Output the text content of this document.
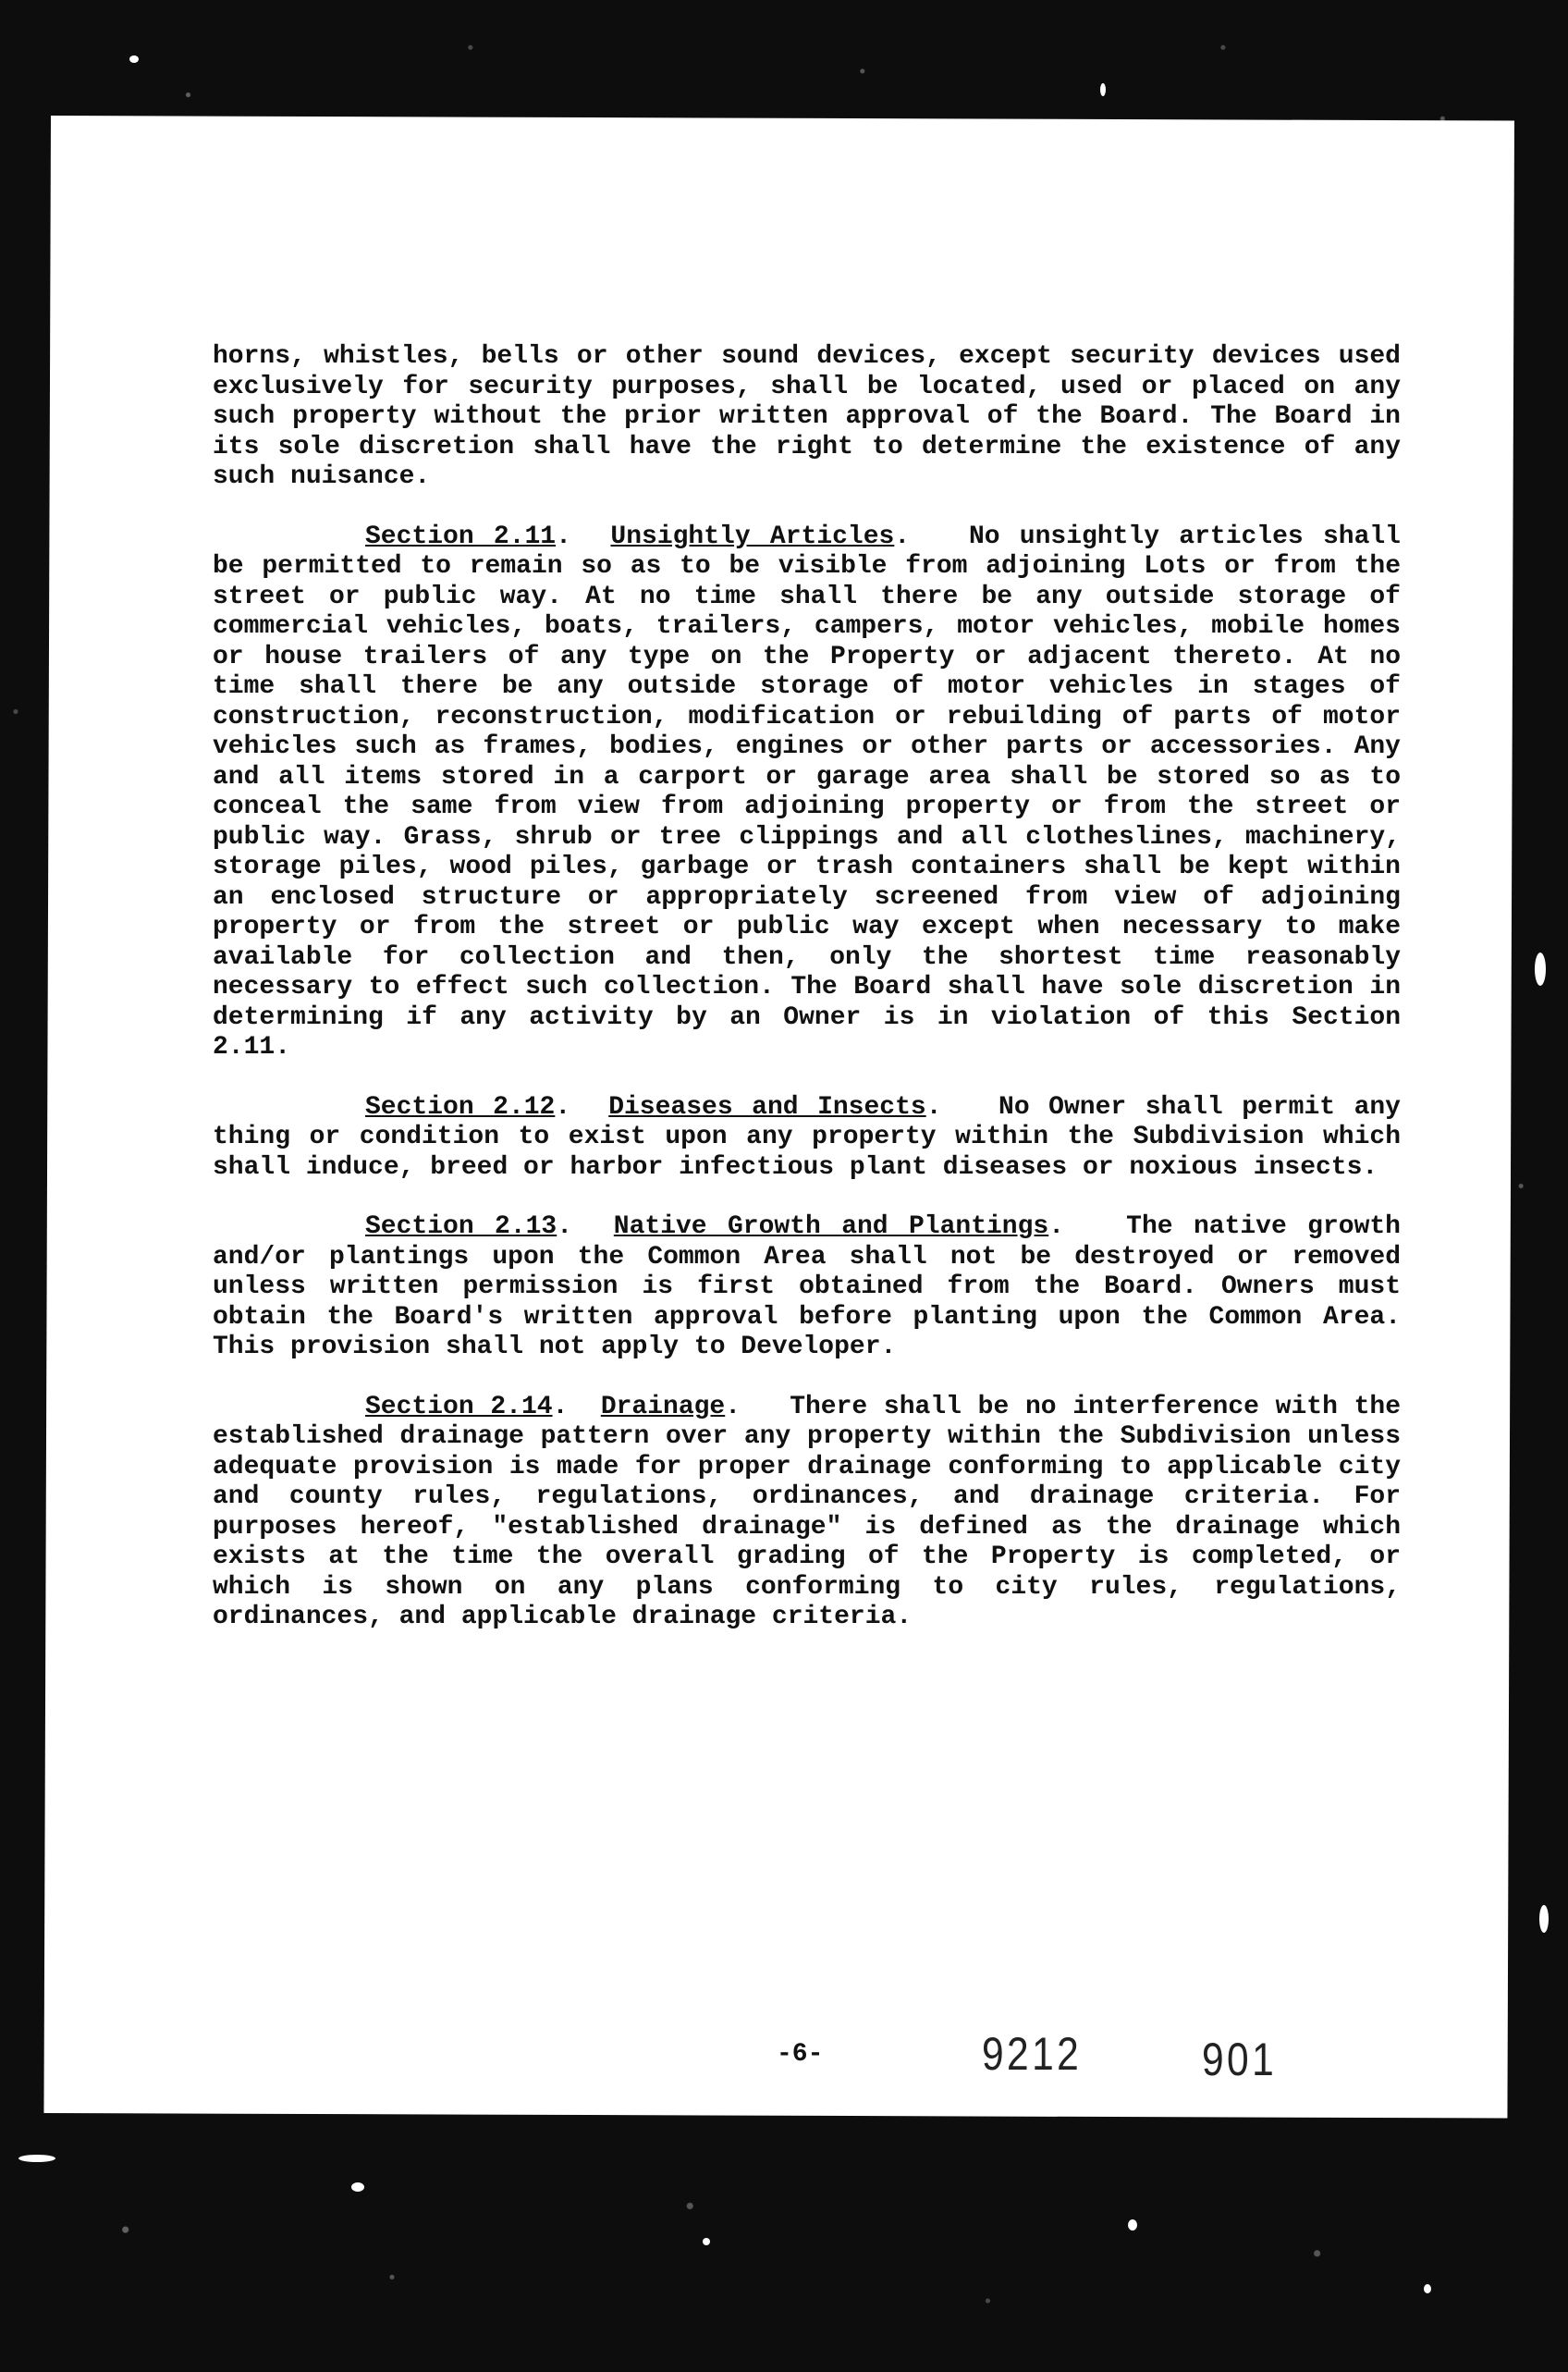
horns, whistles, bells or other sound devices, except security devices used exclusively for security purposes, shall be located, used or placed on any such property without the prior written approval of the Board. The Board in its sole discretion shall have the right to determine the existence of any such nuisance.

Section 2.11.  Unsightly Articles.   No unsightly articles shall be permitted to remain so as to be visible from adjoining Lots or from the street or public way. At no time shall there be any outside storage of commercial vehicles, boats, trailers, campers, motor vehicles, mobile homes or house trailers of any type on the Property or adjacent thereto. At no time shall there be any outside storage of motor vehicles in stages of construction, reconstruction, modification or rebuilding of parts of motor vehicles such as frames, bodies, engines or other parts or accessories. Any and all items stored in a carport or garage area shall be stored so as to conceal the same from view from adjoining property or from the street or public way. Grass, shrub or tree clippings and all clotheslines, machinery, storage piles, wood piles, garbage or trash containers shall be kept within an enclosed structure or appropriately screened from view of adjoining property or from the street or public way except when necessary to make available for collection and then, only the shortest time reasonably necessary to effect such collection. The Board shall have sole discretion in determining if any activity by an Owner is in violation of this Section 2.11.

Section 2.12.  Diseases and Insects.   No Owner shall permit any thing or condition to exist upon any property within the Subdivision which shall induce, breed or harbor infectious plant diseases or noxious insects.

Section 2.13.  Native Growth and Plantings.   The native growth and/or plantings upon the Common Area shall not be destroyed or removed unless written permission is first obtained from the Board. Owners must obtain the Board's written approval before planting upon the Common Area. This provision shall not apply to Developer.

Section 2.14.  Drainage.   There shall be no interference with the established drainage pattern over any property within the Subdivision unless adequate provision is made for proper drainage conforming to applicable city and county rules, regulations, ordinances, and drainage criteria. For purposes hereof, "established drainage" is defined as the drainage which exists at the time the overall grading of the Property is completed, or which is shown on any plans conforming to city rules, regulations, ordinances, and applicable drainage criteria.

-6-	9212	901
